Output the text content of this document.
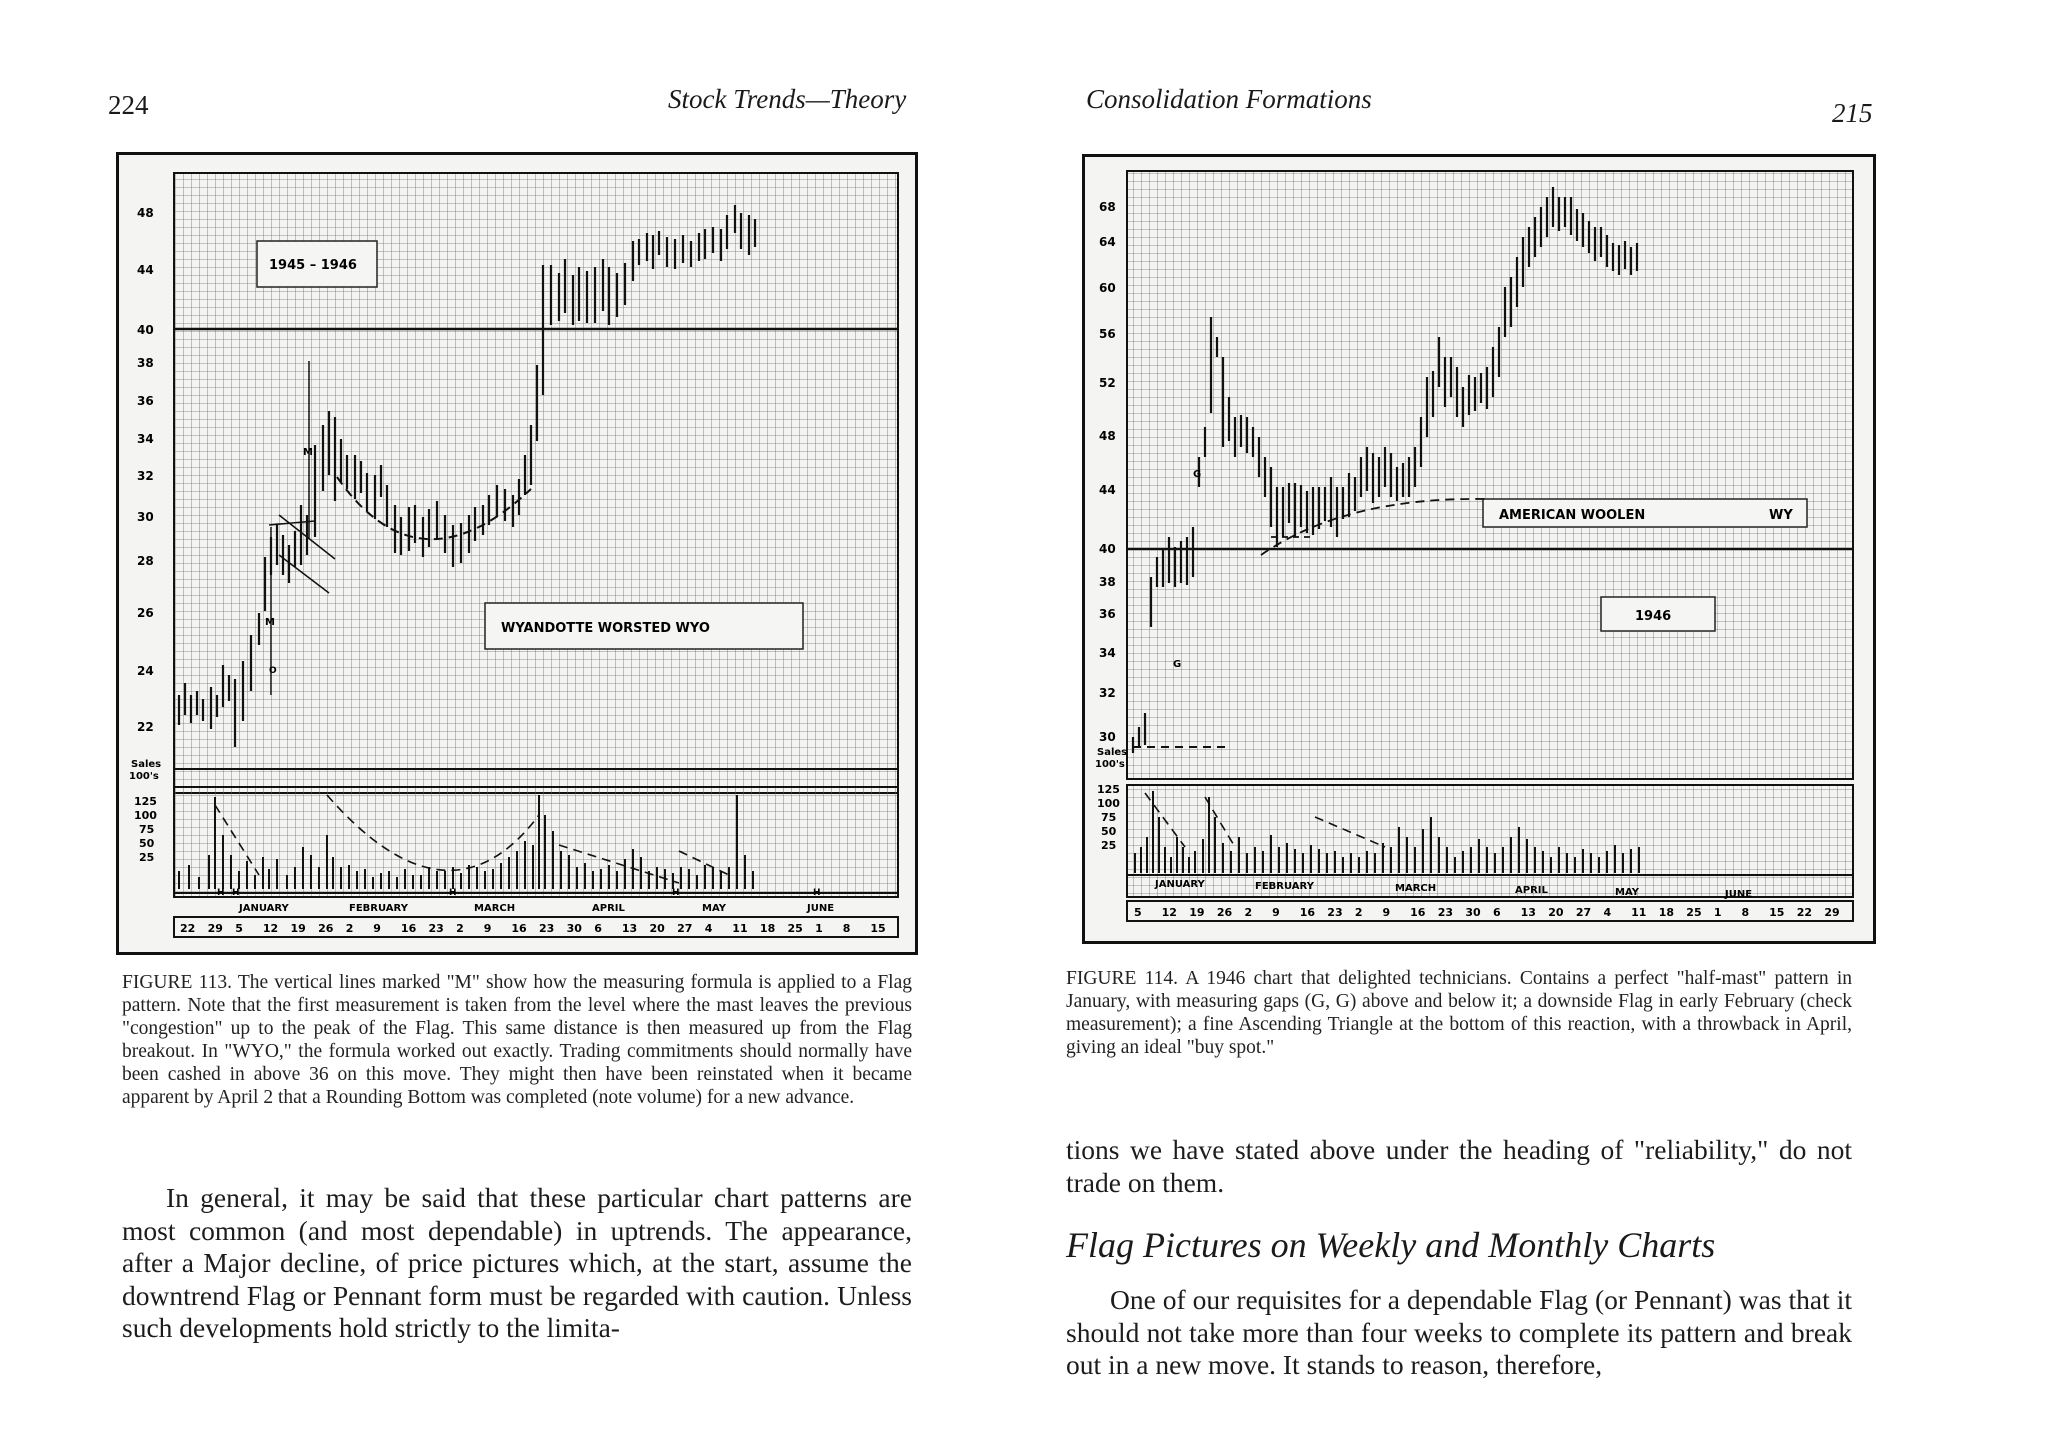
224	Stock Trends—Theory
48
44
40
38
36
34
32
30
28
26
24
22
Sales
100's
125
100
75
50
25
1945 – 1946
WYANDOTTE WORSTED WYO
M
M
O
JANUARY	FEBRUARY	MARCH	APRIL	MAY	JUNE
H H	H	H	H
22 29 5 12 19 26 2 9 16 23 2 9 16 23 30 6 13 20 27 4 11 18 25 1 8 15
FIGURE 113. The vertical lines marked "M" show how the measuring formula is applied to a Flag pattern. Note that the first measurement is taken from the level where the mast leaves the previous "congestion" up to the peak of the Flag. This same distance is then measured up from the Flag breakout. In "WYO," the formula worked out exactly. Trading commitments should normally have been cashed in above 36 on this move. They might then have been reinstated when it became apparent by April 2 that a Rounding Bottom was completed (note volume) for a new advance.
In general, it may be said that these particular chart patterns are most common (and most dependable) in uptrends. The appearance, after a Major decline, of price pictures which, at the start, assume the downtrend Flag or Pennant form must be regarded with caution. Unless such developments hold strictly to the limita-
Consolidation Formations	215
68
64
60
56
52
48
44
40
38
36
34
32
30
Sales
100's
125
100
75
50
25
AMERICAN WOOLEN	WY
1946
G
G
JANUARY	FEBRUARY	MARCH	APRIL	MAY	JUNE
5 12 19 26 2 9 16 23 2 9 16 23 30 6 13 20 27 4 11 18 25 1 8 15 22 29
FIGURE 114. A 1946 chart that delighted technicians. Contains a perfect "half-mast" pattern in January, with measuring gaps (G, G) above and below it; a downside Flag in early February (check measurement); a fine Ascending Triangle at the bottom of this reaction, with a throwback in April, giving an ideal "buy spot."
tions we have stated above under the heading of "reliability," do not trade on them.
Flag Pictures on Weekly and Monthly Charts
One of our requisites for a dependable Flag (or Pennant) was that it should not take more than four weeks to complete its pattern and break out in a new move. It stands to reason, therefore,
